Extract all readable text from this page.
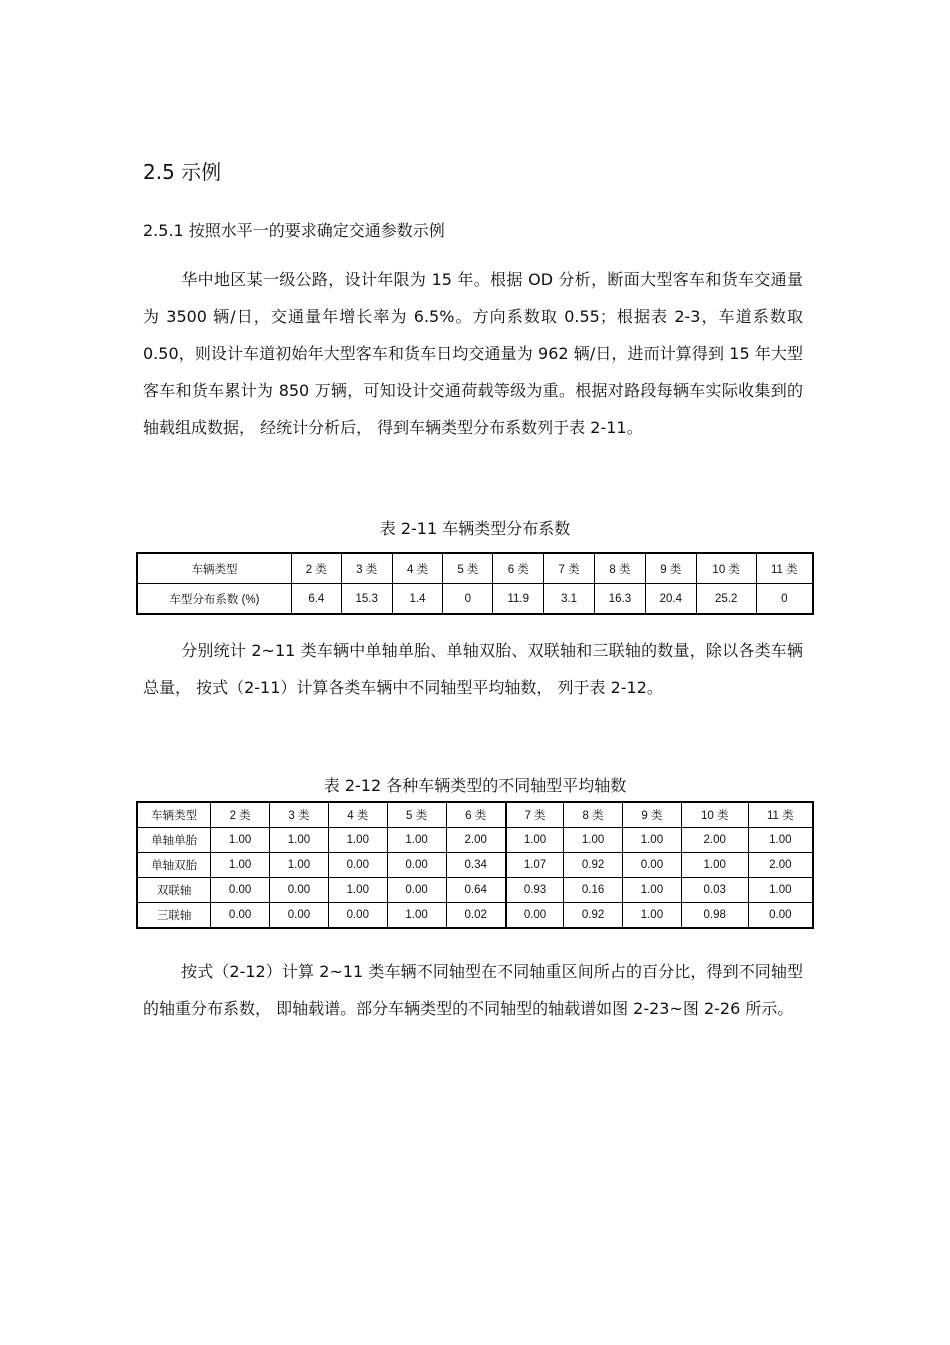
2.5 示例
2.5.1 按照水平一的要求确定交通参数示例

华中地区某一级公路，设计年限为 15 年。根据 OD 分析，断面大型客车和货车交通量为 3500 辆/日，交通量年增长率为 6.5%。方向系数取 0.55；根据表 2-3，车道系数取 0.50，则设计车道初始年大型客车和货车日均交通量为 962 辆/日，进而计算得到 15 年大型客车和货车累计为 850 万辆，可知设计交通荷载等级为重。根据对路段每辆车实际收集到的轴载组成数据， 经统计分析后， 得到车辆类型分布系数列于表 2-11。

表 2-11 车辆类型分布系数
车辆类型	2 类	3 类	4 类	5 类	6 类	7 类	8 类	9 类	10 类	11 类
车型分布系数 (%)	6.4	15.3	1.4	0	11.9	3.1	16.3	20.4	25.2	0

分别统计 2~11 类车辆中单轴单胎、单轴双胎、双联轴和三联轴的数量，除以各类车辆总量， 按式（2-11）计算各类车辆中不同轴型平均轴数， 列于表 2-12。

表 2-12 各种车辆类型的不同轴型平均轴数
车辆类型	2 类	3 类	4 类	5 类	6 类	7 类	8 类	9 类	10 类	11 类
单轴单胎	1.00	1.00	1.00	1.00	2.00	1.00	1.00	1.00	2.00	1.00
单轴双胎	1.00	1.00	0.00	0.00	0.34	1.07	0.92	0.00	1.00	2.00
双联轴	0.00	0.00	1.00	0.00	0.64	0.93	0.16	1.00	0.03	1.00
三联轴	0.00	0.00	0.00	1.00	0.02	0.00	0.92	1.00	0.98	0.00

按式（2-12）计算 2~11 类车辆不同轴型在不同轴重区间所占的百分比，得到不同轴型的轴重分布系数， 即轴载谱。部分车辆类型的不同轴型的轴载谱如图 2-23~图 2-26 所示。
